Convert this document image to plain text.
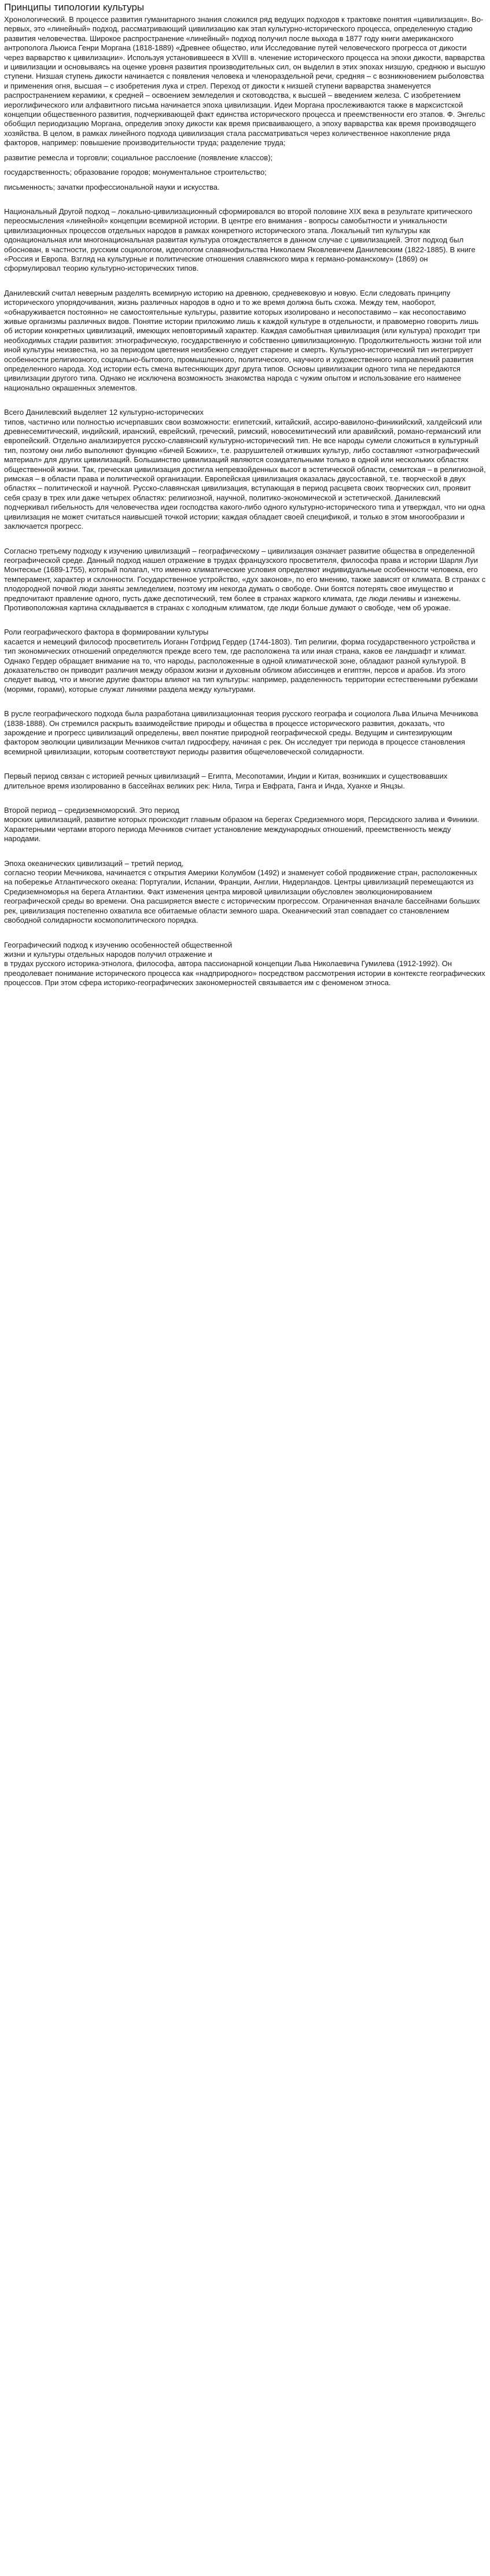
Принципы типологии культуры

Хронологический. В процессе развития гуманитарного знания сложился ряд ведущих подходов к трактовке понятия «цивилизация». Во-первых, это «линейный» подход, рассматривающий цивилизацию как этап культурно-исторического процесса, определенную стадию развития человечества. Широкое распространение «линейный» подход получил после выхода в 1877 году книги американского антрополога Льюиса Генри Моргана (1818-1889) «Древнее общество, или Исследование путей человеческого прогресса от дикости через варварство к цивилизации». Используя установившееся в XVIII в. членение исторического процесса на эпохи дикости, варварства и цивилизации и основываясь на оценке уровня развития производительных сил, он выделил в этих эпохах низшую, среднюю и высшую ступени. Низшая ступень дикости начинается с появления человека и членораздельной речи, средняя – с возникновением рыболовства и применения огня, высшая – с изобретения лука и стрел. Переход от дикости к низшей ступени варварства знаменуется распространением керамики, к средней – освоением земледелия и скотоводства, к высшей – введением железа. С изобретением иероглифического или алфавитного письма начинается эпоха цивилизации. Идеи Моргана прослеживаются также в марксистской концепции общественного развития, подчеркивающей факт единства исторического процесса и преемственности его этапов. Ф. Энгельс обобщил периодизацию Моргана, определив эпоху дикости как время присваивающего, а эпоху варварства как время производящего хозяйства. В целом, в рамках линейного подхода цивилизация стала рассматриваться через количественное накопление ряда факторов, например: повышение производительности труда; разделение труда;

развитие ремесла и торговли; социальное расслоение (появление классов);

государственность; образование городов; монументальное строительство;

письменность; зачатки профессиональной науки и искусства.

Национальный Другой подход – локально-цивилизационный сформировался во второй половине XIX века в результате критического переосмысления «линейной» концепции всемирной истории. В центре его внимания - вопросы самобытности и уникальности цивилизационных процессов отдельных народов в рамках конкретного исторического этапа. Локальный тип культуры как одонациональная или многонациональная развитая культура отождествляется в данном случае с цивилизацией. Этот подход был обоснован, в частности, русским социологом, идеологом славянофильства Николаем Яковлевичем Данилевским (1822-1885). В книге «Россия и Европа. Взгляд на культурные и политические отношения славянского мира к германо-романскому» (1869) он сформулировал теорию культурно-исторических типов.

Данилевский считал неверным разделять всемирную историю на древнюю, средневековую и новую. Если следовать принципу исторического упорядочивания, жизнь различных народов в одно и то же время должна быть схожа. Между тем, наоборот, «обнаруживается постоянно» не самостоятельные культуры, развитие которых изолировано и несопоставимо – как несопоставимо живые организмы различных видов. Понятие истории приложимо лишь к каждой культуре в отдельности, и правомерно говорить лишь об истории конкретных цивилизаций, имеющих неповторимый характер. Каждая самобытная цивилизация (или культура) проходит три необходимых стадии развития: этнографическую, государственную и собственно цивилизационную. Продолжительность жизни той или иной культуры неизвестна, но за периодом цветения неизбежно следует старение и смерть. Культурно-исторический тип интегрирует особенности религиозного, социально-бытового, промышленного, политического, научного и художественного направлений развития определенного народа. Ход истории есть смена вытесняющих друг друга типов. Основы цивилизации одного типа не передаются цивилизации другого типа. Однако не исключена возможность знакомства народа с чужим опытом и использование его наименее национально окрашенных элементов.

Всего Данилевский выделяет 12 культурно-исторических
типов, частично или полностью исчерпавших свои возможности: египетский, китайский, ассиро-вавилоно-финикийский, халдейский или древнесемитический, индийский, иранский, еврейский, греческий, римский, новосемитический или аравийский, романо-германский или европейский. Отдельно анализируется русско-славянский культурно-исторический тип. Не все народы сумели сложиться в культурный тип, поэтому они либо выполняют функцию «бичей Божиих», т.е. разрушителей отживших культур, либо составляют «этнографический материал» для других цивилизаций. Большинство цивилизаций являются созидательными только в одной или нескольких областях общественной жизни. Так, греческая цивилизация достигла непревзойденных высот в эстетической области, семитская – в религиозной, римская – в области права и политической организации. Европейская цивилизация оказалась двусоставной, т.е. творческой в двух областях – политической и научной. Русско-славянская цивилизация, вступающая в период расцвета своих творческих сил, проявит себя сразу в трех или даже четырех областях: религиозной, научной, политико-экономической и эстетической. Данилевский подчеркивал гибельность для человечества идеи господства какого-либо одного культурно-исторического типа и утверждал, что ни одна цивилизация не может считаться наивысшей точкой истории; каждая обладает своей спецификой, и только в этом многообразии и заключается прогресс.

Согласно третьему подходу к изучению цивилизаций – географическому – цивилизация означает развитие общества в определенной географической среде. Данный подход нашел отражение в трудах французского просветителя, философа права и истории Шарля Луи Монтескье (1689-1755), который полагал, что именно климатические условия определяют индивидуальные особенности человека, его темперамент, характер и склонности. Государственное устройство, «дух законов», по его мнению, также зависят от климата. В странах с плодородной почвой люди заняты земледелием, поэтому им некогда думать о свободе. Они боятся потерять свое имущество и предпочитают правление одного, пусть даже деспотический, тем более в странах жаркого климата, где люди ленивы и изнежены. Противоположная картина складывается в странах с холодным климатом, где люди больше думают о свободе, чем об урожае.

Роли географического фактора в формировании культуры
касается и немецкий философ просветитель Иоганн Готфрид Гердер (1744-1803). Тип религии, форма государственного устройства и тип экономических отношений определяются прежде всего тем, где расположена та или иная страна, каков ее ландшафт и климат. Однако Гердер обращает внимание на то, что народы, расположенные в одной климатической зоне, обладают разной культурой. В доказательство он приводит различия между образом жизни и духовным обликом абиссинцев и египтян, персов и арабов. Из этого следует вывод, что и многие другие факторы влияют на тип культуры: например, разделенность территории естественными рубежами (морями, горами), которые служат линиями раздела между культурами.

В русле географического подхода была разработана цивилизационная теория русского географа и социолога Льва Ильича Мечникова (1838-1888). Он стремился раскрыть взаимодействие природы и общества в процессе исторического развития, доказать, что зарождение и прогресс цивилизаций определены, ввел понятие природной географической среды. Ведущим и синтезирующим фактором эволюции цивилизации Мечников считал гидросферу, начиная с рек. Он исследует три периода в процессе становления всемирной цивилизации, которым соответствуют периоды развития общечеловеческой солидарности.

Первый период связан с историей речных цивилизаций – Египта, Месопотамии, Индии и Китая, возникших и существовавших длительное время изолированно в бассейнах великих рек: Нила, Тигра и Евфрата, Ганга и Инда, Хуанхе и Янцзы.

Второй период – средиземноморский. Это период
морских цивилизаций, развитие которых происходит главным образом на берегах Средиземного моря, Персидского залива и Финикии. Характерными чертами второго периода Мечников считает установление международных отношений, преемственность между народами.

Эпоха океанических цивилизаций – третий период,
согласно теории Мечникова, начинается с открытия Америки Колумбом (1492) и знаменует собой продвижение стран, расположенных на побережье Атлантического океана: Португалии, Испании, Франции, Англии, Нидерландов. Центры цивилизаций перемещаются из Средиземноморья на берега Атлантики. Факт изменения центра мировой цивилизации обусловлен эволюционированием географической среды во времени. Она расширяется вместе с историческим прогрессом. Ограниченная вначале бассейнами больших рек, цивилизация постепенно охватила все обитаемые области земного шара. Океанический этап совпадает со становлением свободной солидарности космополитического порядка.

Географический подход к изучению особенностей общественной
жизни и культуры отдельных народов получил отражение и
в трудах русского историка-этнолога, философа, автора пассионарной концепции Льва Николаевича Гумилева (1912-1992). Он преодолевает понимание исторического процесса как «надприродного» посредством рассмотрения истории в контексте географических процессов. При этом сфера историко-географических закономерностей связывается им с феноменом этноса.
